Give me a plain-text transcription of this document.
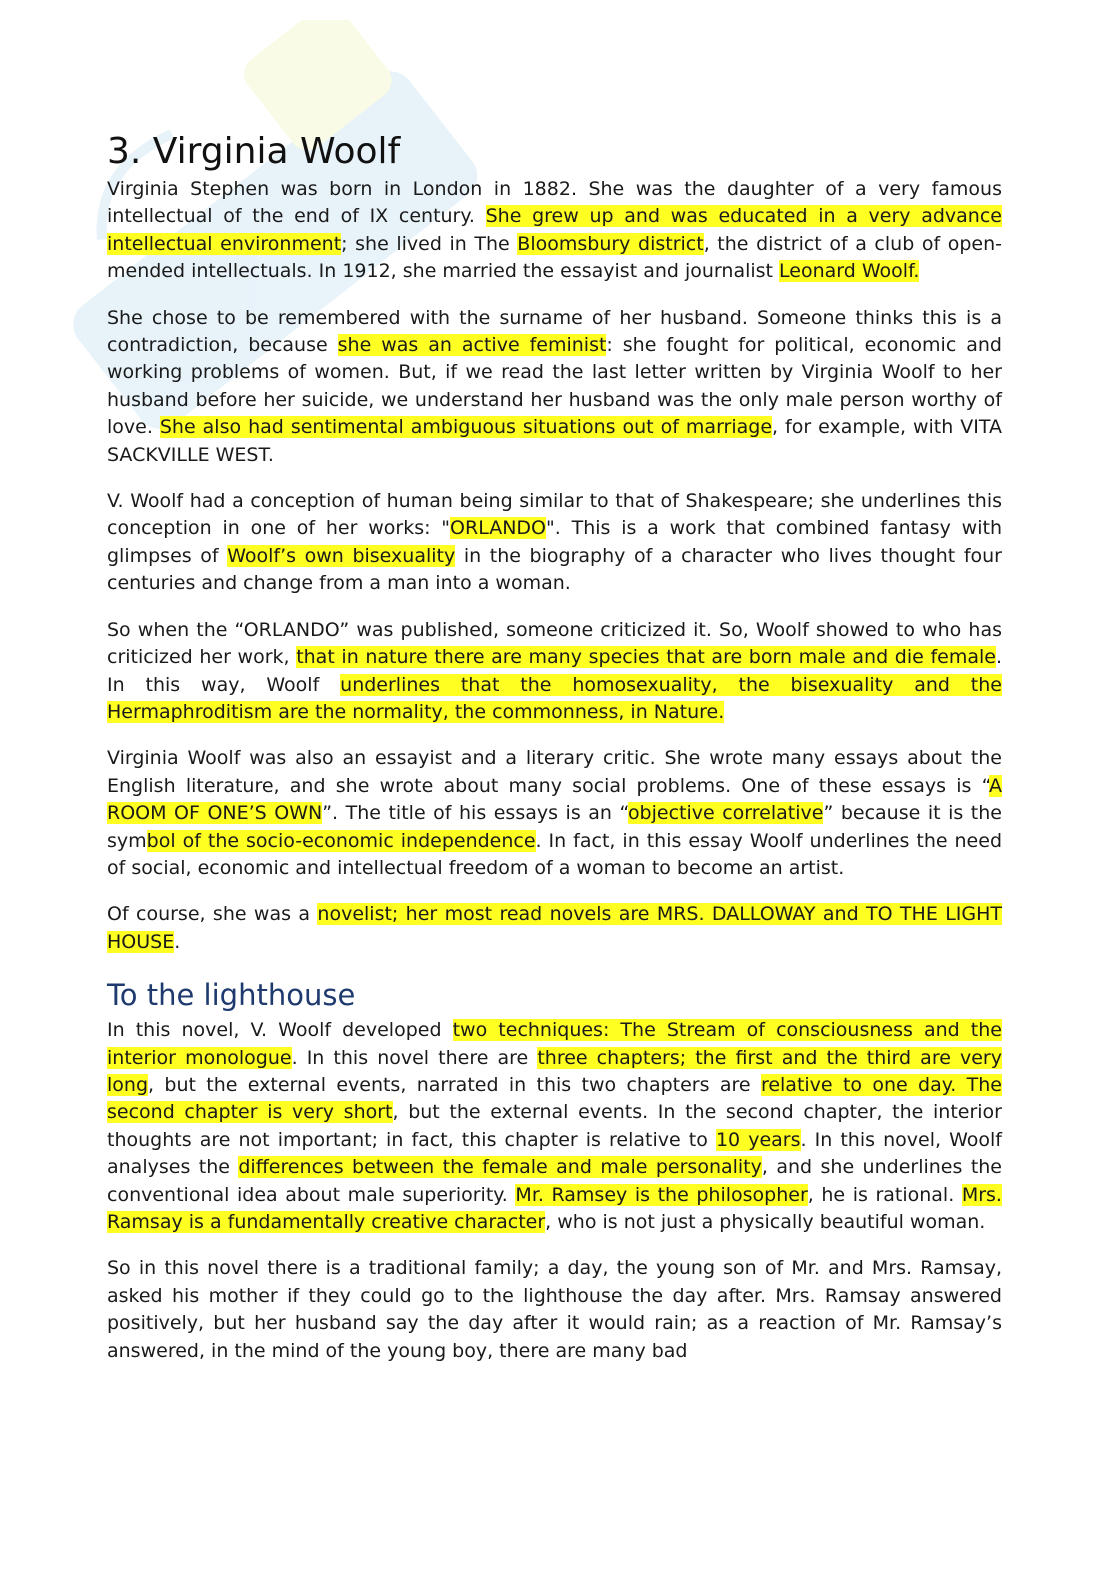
3. Virginia Woolf

Virginia Stephen was born in London in 1882. She was the daughter of a very famous intellectual of the end of IX century. She grew up and was educated in a very advance intellectual environment; she lived in The Bloomsbury district, the district of a club of open-mended intellectuals. In 1912, she married the essayist and journalist Leonard Woolf.

She chose to be remembered with the surname of her husband. Someone thinks this is a contradiction, because she was an active feminist: she fought for political, economic and working problems of women. But, if we read the last letter written by Virginia Woolf to her husband before her suicide, we understand her husband was the only male person worthy of love. She also had sentimental ambiguous situations out of marriage, for example, with VITA SACKVILLE WEST.

V. Woolf had a conception of human being similar to that of Shakespeare; she underlines this conception in one of her works: "ORLANDO". This is a work that combined fantasy with glimpses of Woolf’s own bisexuality in the biography of a character who lives thought four centuries and change from a man into a woman.

So when the “ORLANDO” was published, someone criticized it. So, Woolf showed to who has criticized her work, that in nature there are many species that are born male and die female. In this way, Woolf underlines that the homosexuality, the bisexuality and the Hermaphroditism are the normality, the commonness, in Nature.

Virginia Woolf was also an essayist and a literary critic. She wrote many essays about the English literature, and she wrote about many social problems. One of these essays is “A ROOM OF ONE’S OWN”. The title of his essays is an “objective correlative” because it is the symbol of the socio-economic independence. In fact, in this essay Woolf underlines the need of social, economic and intellectual freedom of a woman to become an artist.

Of course, she was a novelist; her most read novels are MRS. DALLOWAY and TO THE LIGHT HOUSE.

To the lighthouse

In this novel, V. Woolf developed two techniques: The Stream of consciousness and the interior monologue. In this novel there are three chapters; the first and the third are very long, but the external events, narrated in this two chapters are relative to one day. The second chapter is very short, but the external events. In the second chapter, the interior thoughts are not important; in fact, this chapter is relative to 10 years. In this novel, Woolf analyses the differences between the female and male personality, and she underlines the conventional idea about male superiority. Mr. Ramsey is the philosopher, he is rational. Mrs. Ramsay is a fundamentally creative character, who is not just a physically beautiful woman.

So in this novel there is a traditional family; a day, the young son of Mr. and Mrs. Ramsay, asked his mother if they could go to the lighthouse the day after. Mrs. Ramsay answered positively, but her husband say the day after it would rain; as a reaction of Mr. Ramsay’s answered, in the mind of the young boy, there are many bad
